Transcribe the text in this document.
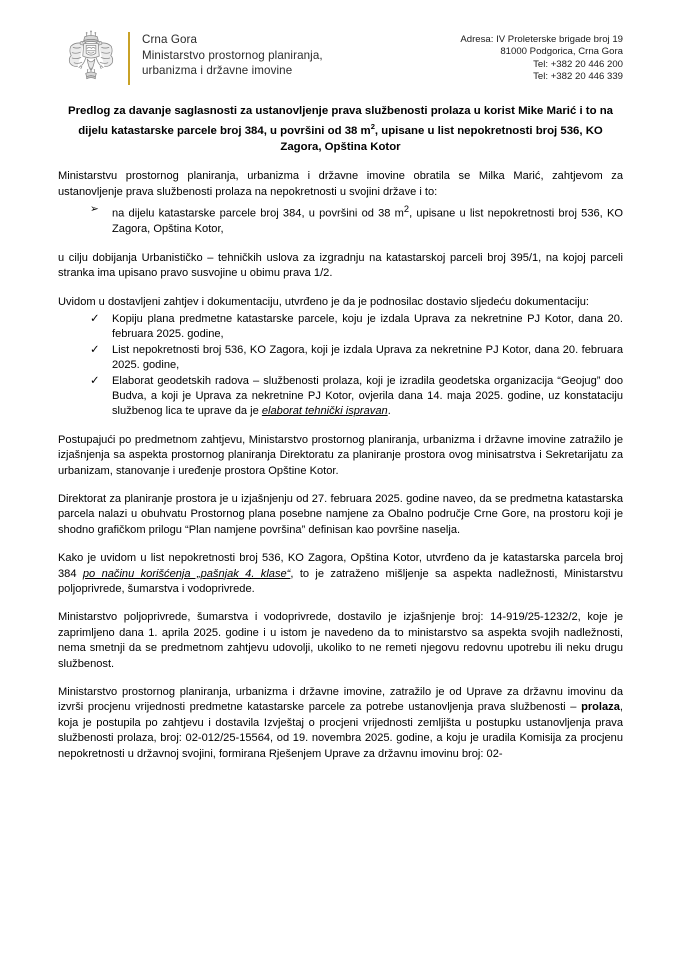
Crna Gora
Ministarstvo prostornog planiranja,
urbanizma i državne imovine
Adresa: IV Proleterske brigade broj 19
81000 Podgorica, Crna Gora
Tel: +382 20 446 200
Tel: +382 20 446 339
Predlog za davanje saglasnosti za ustanovljenje prava službenosti prolaza u korist Mike Marić i to na dijelu katastarske parcele broj 384, u površini od 38 $m^2$, upisane u list nepokretnosti broj 536, KO Zagora, Opština Kotor

Ministarstvu prostornog planiranja, urbanizma i državne imovine obratila se Milka Marić, zahtjevom za ustanovljenje prava službenosti prolaza na nepokretnosti u svojini države i to:

➢	na dijelu katastarske parcele broj 384, u površini od 38 $m^2$, upisane u list nepokretnosti broj 536, KO Zagora, Opština Kotor,

u cilju dobijanja Urbanističko – tehničkih uslova za izgradnju na katastarskoj parceli broj 395/1, na kojoj parceli stranka ima upisano pravo susvojine u obimu prava 1/2.

Uvidom u dostavljeni zahtjev i dokumentaciju, utvrđeno je da je podnosilac dostavio sljedeću dokumentaciju:

✓	Kopiju plana predmetne katastarske parcele, koju je izdala Uprava za nekretnine PJ Kotor, dana 20. februara 2025. godine,
✓	List nepokretnosti broj 536, KO Zagora, koji je izdala Uprava za nekretnine PJ Kotor, dana 20. februara 2025. godine,
✓	Elaborat geodetskih radova – službenosti prolaza, koji je izradila geodetska organizacija “Geojug” doo Budva, a koji je Uprava za nekretnine PJ Kotor, ovjerila dana 14. maja 2025. godine, uz konstataciju službenog lica te uprave da je elaborat tehnički ispravan.

Postupajući po predmetnom zahtjevu, Ministarstvo prostornog planiranja, urbanizma i državne imovine zatražilo je izjašnjenja sa aspekta prostornog planiranja Direktoratu za planiranje prostora ovog minisatrstva i Sekretarijatu za urbanizam, stanovanje i uređenje prostora Opštine Kotor.

Direktorat za planiranje prostora je u izjašnjenju od 27. februara 2025. godine naveo, da se predmetna katastarska parcela nalazi u obuhvatu Prostornog plana posebne namjene za Obalno područje Crne Gore, na prostoru koji je shodno grafičkom prilogu “Plan namjene površina” definisan kao površine naselja.

Kako je uvidom u list nepokretnosti broj 536, KO Zagora, Opština Kotor, utvrđeno da je katastarska parcela broj 384 po načinu korišćenja „pašnjak 4. klase“, to je zatraženo mišljenje sa aspekta nadležnosti, Ministarstvu poljoprivrede, šumarstva i vodoprivrede.

Ministarstvo poljoprivrede, šumarstva i vodoprivrede, dostavilo je izjašnjenje broj: 14-919/25-1232/2, koje je zaprimljeno dana 1. aprila 2025. godine i u istom je navedeno da to ministarstvo sa aspekta svojih nadležnosti, nema smetnji da se predmetnom zahtjevu udovolji, ukoliko to ne remeti njegovu redovnu upotrebu ili neku drugu službenost.

Ministarstvo prostornog planiranja, urbanizma i državne imovine, zatražilo je od Uprave za državnu imovinu da izvrši procjenu vrijednosti predmetne katastarske parcele za potrebe ustanovljenja prava službenosti – prolaza, koja je postupila po zahtjevu i dostavila Izvještaj o procjeni vrijednosti zemljišta u postupku ustanovljenja prava službenosti prolaza, broj: 02-012/25-15564, od 19. novembra 2025. godine, a koju je uradila Komisija za procjenu nepokretnosti u državnoj svojini, formirana Rješenjem Uprave za državnu imovinu broj: 02-
